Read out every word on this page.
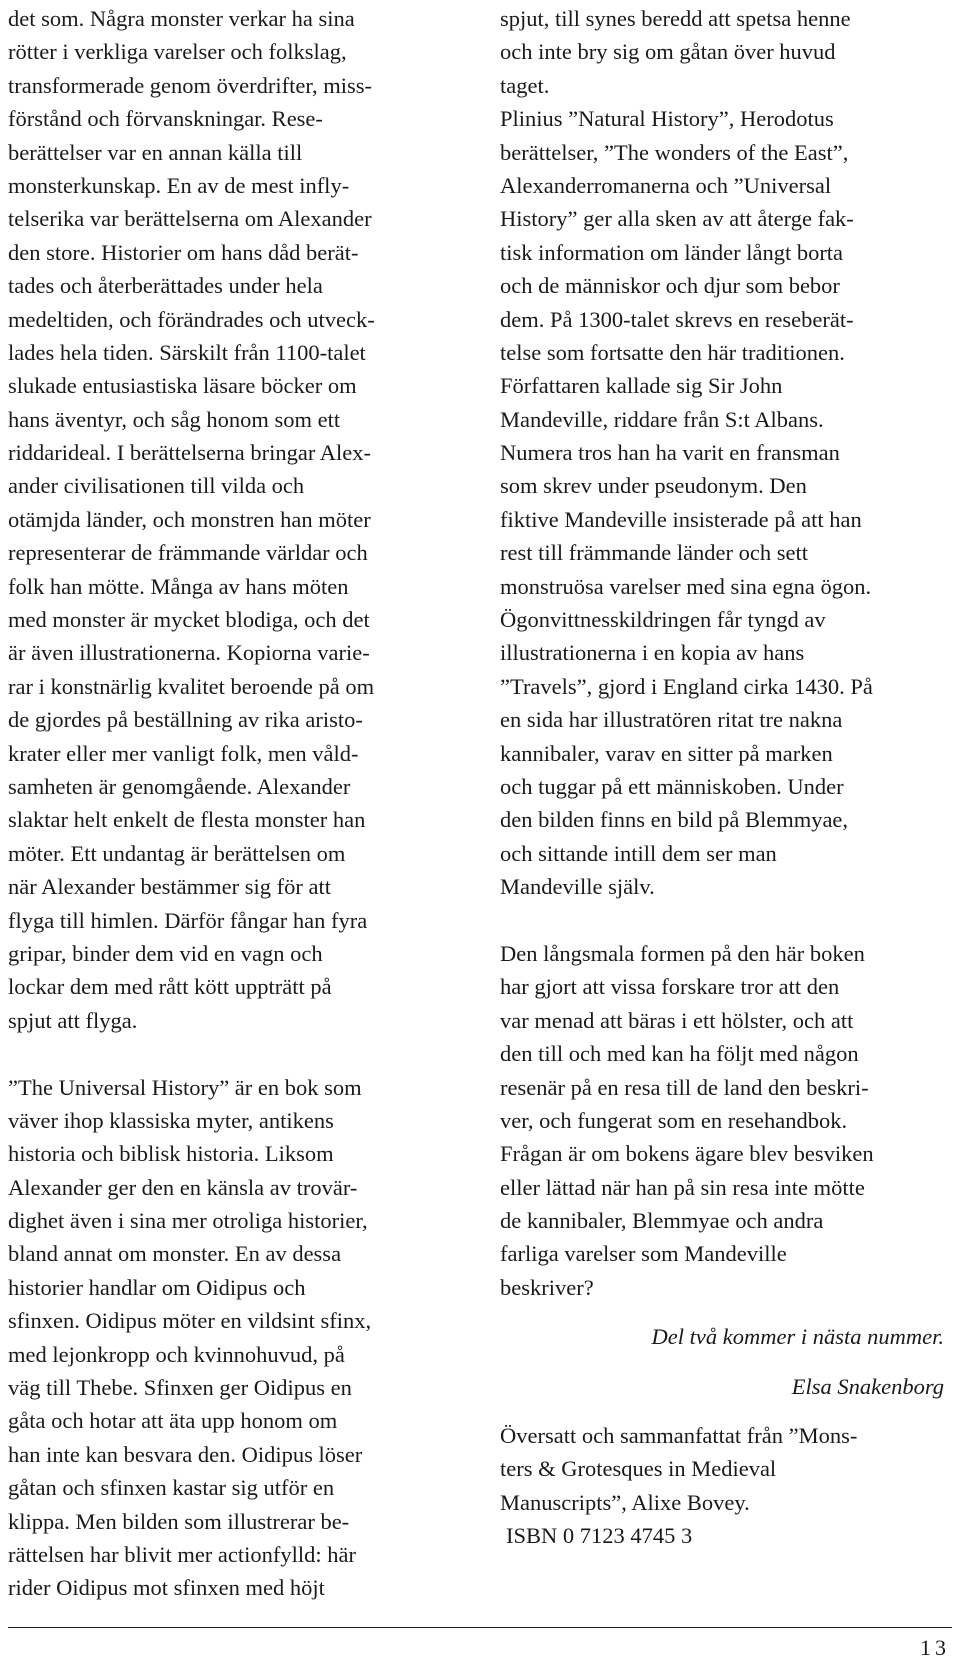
det som. Några monster verkar ha sina
rötter i verkliga varelser och folkslag,
transformerade genom överdrifter, miss-
förstånd och förvanskningar. Rese-
berättelser var en annan källa till
monsterkunskap. En av de mest infly-
telserika var berättelserna om Alexander
den store. Historier om hans dåd berät-
tades och återberättades under hela
medeltiden, och förändrades och utveck-
lades hela tiden. Särskilt från 1100-talet
slukade entusiastiska läsare böcker om
hans äventyr, och såg honom som ett
riddarideal. I berättelserna bringar Alex-
ander civilisationen till vilda och
otämjda länder, och monstren han möter
representerar de främmande världar och
folk han mötte. Många av hans möten
med monster är mycket blodiga, och det
är även illustrationerna. Kopiorna varie-
rar i konstnärlig kvalitet beroende på om
de gjordes på beställning av rika aristo-
krater eller mer vanligt folk, men våld-
samheten är genomgående. Alexander
slaktar helt enkelt de flesta monster han
möter. Ett undantag är berättelsen om
när Alexander bestämmer sig för att
flyga till himlen. Därför fångar han fyra
gripar, binder dem vid en vagn och
lockar dem med rått kött uppträtt på
spjut att flyga.
”The Universal History” är en bok som
väver ihop klassiska myter, antikens
historia och biblisk historia. Liksom
Alexander ger den en känsla av trovär-
dighet även i sina mer otroliga historier,
bland annat om monster. En av dessa
historier handlar om Oidipus och
sfinxen. Oidipus möter en vildsint sfinx,
med lejonkropp och kvinnohuvud, på
väg till Thebe. Sfinxen ger Oidipus en
gåta och hotar att äta upp honom om
han inte kan besvara den. Oidipus löser
gåtan och sfinxen kastar sig utför en
klippa. Men bilden som illustrerar be-
rättelsen har blivit mer actionfylld: här
rider Oidipus mot sfinxen med höjt
spjut, till synes beredd att spetsa henne
och inte bry sig om gåtan över huvud
taget.
Plinius ”Natural History”, Herodotus
berättelser, ”The wonders of the East”,
Alexanderromanerna och ”Universal
History” ger alla sken av att återge fak-
tisk information om länder långt borta
och de människor och djur som bebor
dem. På 1300-talet skrevs en reseberät-
telse som fortsatte den här traditionen.
Författaren kallade sig Sir John
Mandeville, riddare från S:t Albans.
Numera tros han ha varit en fransman
som skrev under pseudonym. Den
fiktive Mandeville insisterade på att han
rest till främmande länder och sett
monstruösa varelser med sina egna ögon.
Ögonvittnesskildringen får tyngd av
illustrationerna i en kopia av hans
”Travels”, gjord i England cirka 1430. På
en sida har illustratören ritat tre nakna
kannibaler, varav en sitter på marken
och tuggar på ett människoben. Under
den bilden finns en bild på Blemmyae,
och sittande intill dem ser man
Mandeville själv.
Den långsmala formen på den här boken
har gjort att vissa forskare tror att den
var menad att bäras i ett hölster, och att
den till och med kan ha följt med någon
resenär på en resa till de land den beskri-
ver, och fungerat som en resehandbok.
Frågan är om bokens ägare blev besviken
eller lättad när han på sin resa inte mötte
de kannibaler, Blemmyae och andra
farliga varelser som Mandeville
beskriver?
Del två kommer i nästa nummer.
Elsa Snakenborg
Översatt och sammanfattat från ”Mons-
ters & Grotesques in Medieval
Manuscripts”, Alixe Bovey.
ISBN 0 7123 4745 3
13
